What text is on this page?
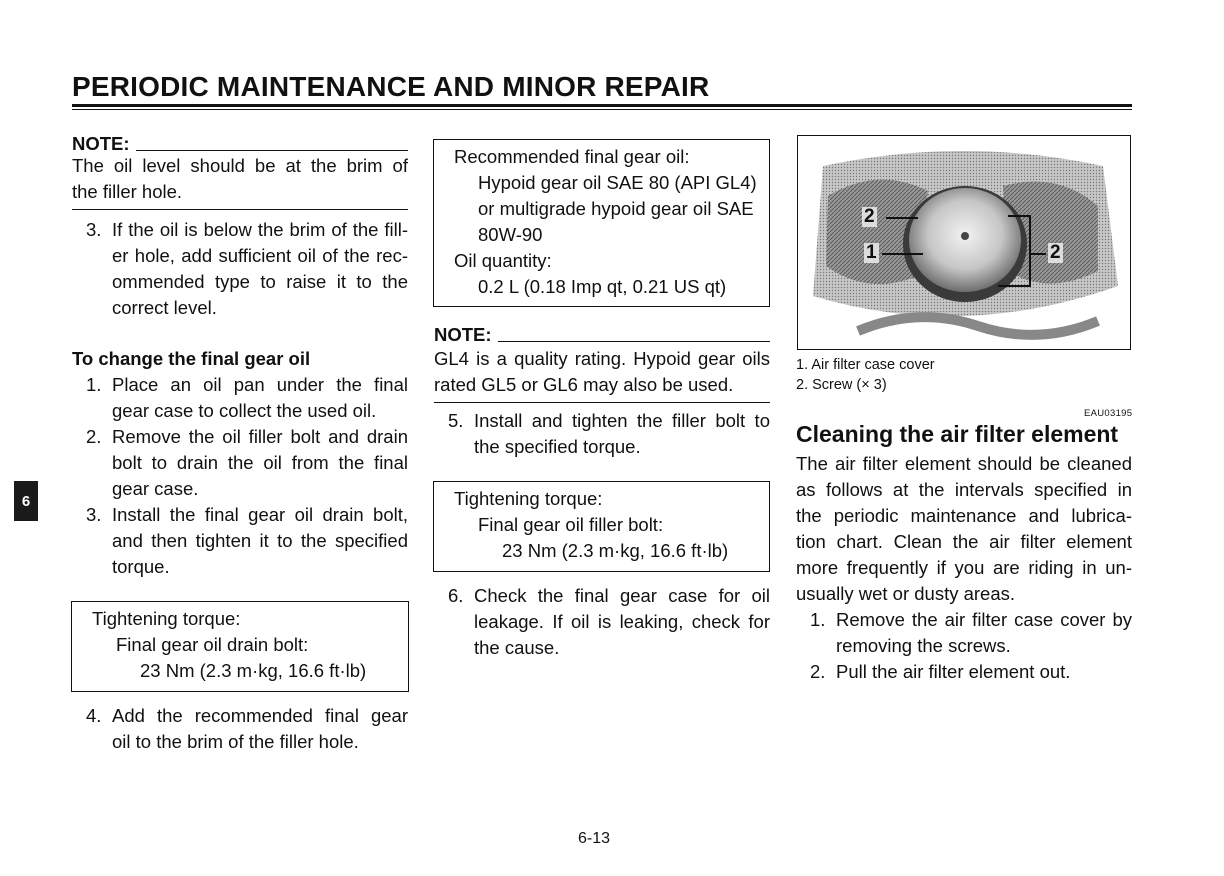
PERIODIC MAINTENANCE AND MINOR REPAIR
6
NOTE:
The oil level should be at the brim of
the filler hole.
3. If the oil is below the brim of the fill-
er hole, add sufficient oil of the rec-
ommended type to raise it to the
correct level.
To change the final gear oil
1. Place an oil pan under the final
gear case to collect the used oil.
2. Remove the oil filler bolt and drain
bolt to drain the oil from the final
gear case.
3. Install the final gear oil drain bolt,
and then tighten it to the specified
torque.
Tightening torque:
Final gear oil drain bolt:
23 Nm (2.3 m·kg, 16.6 ft·lb)
4. Add the recommended final gear
oil to the brim of the filler hole.
Recommended final gear oil:
Hypoid gear oil SAE 80 (API GL4)
or multigrade hypoid gear oil SAE
80W-90
Oil quantity:
0.2 L (0.18 Imp qt, 0.21 US qt)
NOTE:
GL4 is a quality rating. Hypoid gear oils
rated GL5 or GL6 may also be used.
5. Install and tighten the filler bolt to
the specified torque.
Tightening torque:
Final gear oil filler bolt:
23 Nm (2.3 m·kg, 16.6 ft·lb)
6. Check the final gear case for oil
leakage. If oil is leaking, check for
the cause.
2
1	2
1. Air filter case cover
2. Screw (× 3)
EAU03195
Cleaning the air filter element
The air filter element should be cleaned
as follows at the intervals specified in
the periodic maintenance and lubrica-
tion chart. Clean the air filter element
more frequently if you are riding in un-
usually wet or dusty areas.
1. Remove the air filter case cover by
removing the screws.
2. Pull the air filter element out.
6-13
